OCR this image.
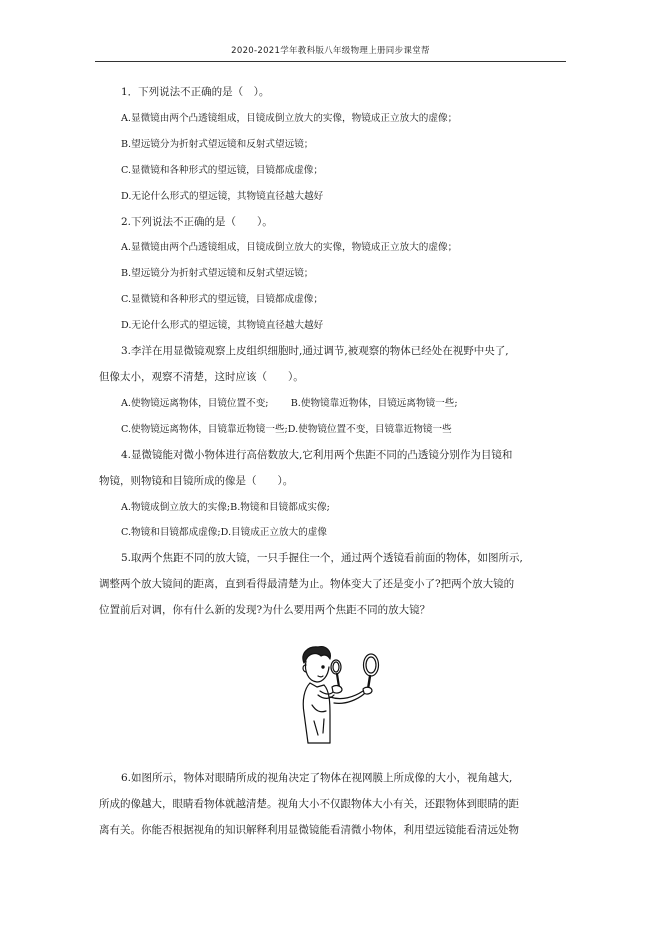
2020-2021学年教科版八年级物理上册同步课堂帮
1．下列说法不正确的是（　）。
A.显微镜由两个凸透镜组成，目镜成倒立放大的实像，物镜成正立放大的虚像；
B.望远镜分为折射式望远镜和反射式望远镜；
C.显微镜和各种形式的望远镜，目镜都成虚像；
D.无论什么形式的望远镜，其物镜直径越大越好
2.下列说法不正确的是（　　）。
A.显微镜由两个凸透镜组成，目镜成倒立放大的实像，物镜成正立放大的虚像；
B.望远镜分为折射式望远镜和反射式望远镜；
C.显微镜和各种形式的望远镜，目镜都成虚像；
D.无论什么形式的望远镜，其物镜直径越大越好
3.李洋在用显微镜观察上皮组织细胞时,通过调节,被观察的物体已经处在视野中央了,
但像太小，观察不清楚，这时应该（　　）。
A.使物镜远离物体，目镜位置不变;　　 B.使物镜靠近物体，目镜远离物镜一些;
C.使物镜远离物体，目镜靠近物镜一些;D.使物镜位置不变，目镜靠近物镜一些
4.显微镜能对微小物体进行高倍数放大,它利用两个焦距不同的凸透镜分别作为目镜和
物镜，则物镜和目镜所成的像是（　　）。
A.物镜成倒立放大的实像;B.物镜和目镜都成实像;
C.物镜和目镜都成虚像;D.目镜成正立放大的虚像
5.取两个焦距不同的放大镜，一只手握住一个，通过两个透镜看前面的物体，如图所示,
调整两个放大镜间的距离，直到看得最清楚为止。物体变大了还是变小了?把两个放大镜的
位置前后对调，你有什么新的发现?为什么要用两个焦距不同的放大镜？
6.如图所示，物体对眼睛所成的视角决定了物体在视网膜上所成像的大小，视角越大,
所成的像越大，眼睛看物体就越清楚。视角大小不仅跟物体大小有关，还跟物体到眼睛的距
离有关。你能否根据视角的知识解释利用显微镜能看清微小物体，利用望远镜能看清远处物
